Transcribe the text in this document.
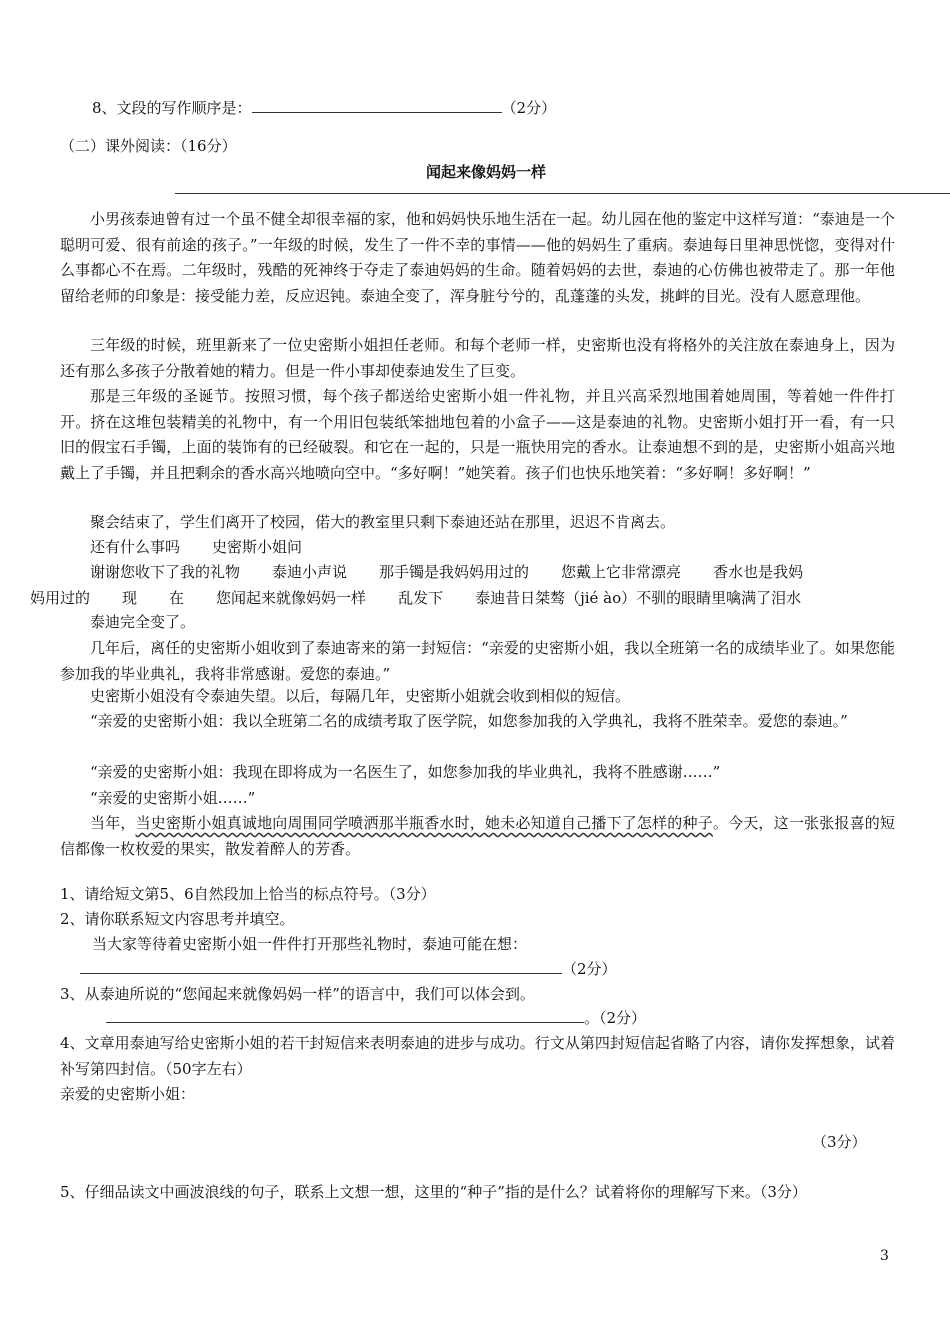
8、文段的写作顺序是：	（2分）
（二）课外阅读：（16分）
闻起来像妈妈一样
小男孩泰迪曾有过一个虽不健全却很幸福的家，他和妈妈快乐地生活在一起。幼儿园在他的鉴定中这样写道：“泰迪是一个聪明可爱、很有前途的孩子。”一年级的时候，发生了一件不幸的事情——他的妈妈生了重病。泰迪每日里神思恍惚，变得对什么事都心不在焉。二年级时，残酷的死神终于夺走了泰迪妈妈的生命。随着妈妈的去世，泰迪的心仿佛也被带走了。那一年他留给老师的印象是：接受能力差，反应迟钝。泰迪全变了，浑身脏兮兮的，乱蓬蓬的头发，挑衅的目光。没有人愿意理他。
三年级的时候，班里新来了一位史密斯小姐担任老师。和每个老师一样，史密斯也没有将格外的关注放在泰迪身上，因为还有那么多孩子分散着她的精力。但是一件小事却使泰迪发生了巨变。
那是三年级的圣诞节。按照习惯，每个孩子都送给史密斯小姐一件礼物，并且兴高采烈地围着她周围，等着她一件件打开。挤在这堆包装精美的礼物中，有一个用旧包装纸笨拙地包着的小盒子——这是泰迪的礼物。史密斯小姐打开一看，有一只旧的假宝石手镯，上面的装饰有的已经破裂。和它在一起的，只是一瓶快用完的香水。让泰迪想不到的是，史密斯小姐高兴地戴上了手镯，并且把剩余的香水高兴地喷向空中。“多好啊！”她笑着。孩子们也快乐地笑着：“多好啊！多好啊！”
聚会结束了，学生们离开了校园，偌大的教室里只剩下泰迪还站在那里，迟迟不肯离去。
还有什么事吗 史密斯小姐问
谢谢您收下了我的礼物 泰迪小声说 那手镯是我妈妈用过的 您戴上它非常漂亮 香水也是我妈
妈用过的 现 在 您闻起来就像妈妈一样 乱发下 泰迪昔日桀骜（jié ào）不驯的眼睛里噙满了泪水
泰迪完全变了。
几年后，离任的史密斯小姐收到了泰迪寄来的第一封短信：“亲爱的史密斯小姐，我以全班第一名的成绩毕业了。如果您能参加我的毕业典礼，我将非常感谢。爱您的泰迪。”
史密斯小姐没有令泰迪失望。以后，每隔几年，史密斯小姐就会收到相似的短信。
“亲爱的史密斯小姐：我以全班第二名的成绩考取了医学院，如您参加我的入学典礼，我将不胜荣幸。爱您的泰迪。”
“亲爱的史密斯小姐：我现在即将成为一名医生了，如您参加我的毕业典礼，我将不胜感谢……”
“亲爱的史密斯小姐……”
当年，当史密斯小姐真诚地向周围同学喷洒那半瓶香水时，她未必知道自己播下了怎样的种子。今天，这一张张报喜的短信都像一枚枚爱的果实，散发着醉人的芳香。
1、请给短文第5、6自然段加上恰当的标点符号。（3分）
2、请你联系短文内容思考并填空。
当大家等待着史密斯小姐一件件打开那些礼物时，泰迪可能在想：
（2分）
3、从泰迪所说的“您闻起来就像妈妈一样”的语言中，我们可以体会到。
。（2分）
4、文章用泰迪写给史密斯小姐的若干封短信来表明泰迪的进步与成功。行文从第四封短信起省略了内容，请你发挥想象，试着补写第四封信。（50字左右）
亲爱的史密斯小姐：
（3分）
5、仔细品读文中画波浪线的句子，联系上文想一想，这里的“种子”指的是什么？试着将你的理解写下来。（3分）
3
